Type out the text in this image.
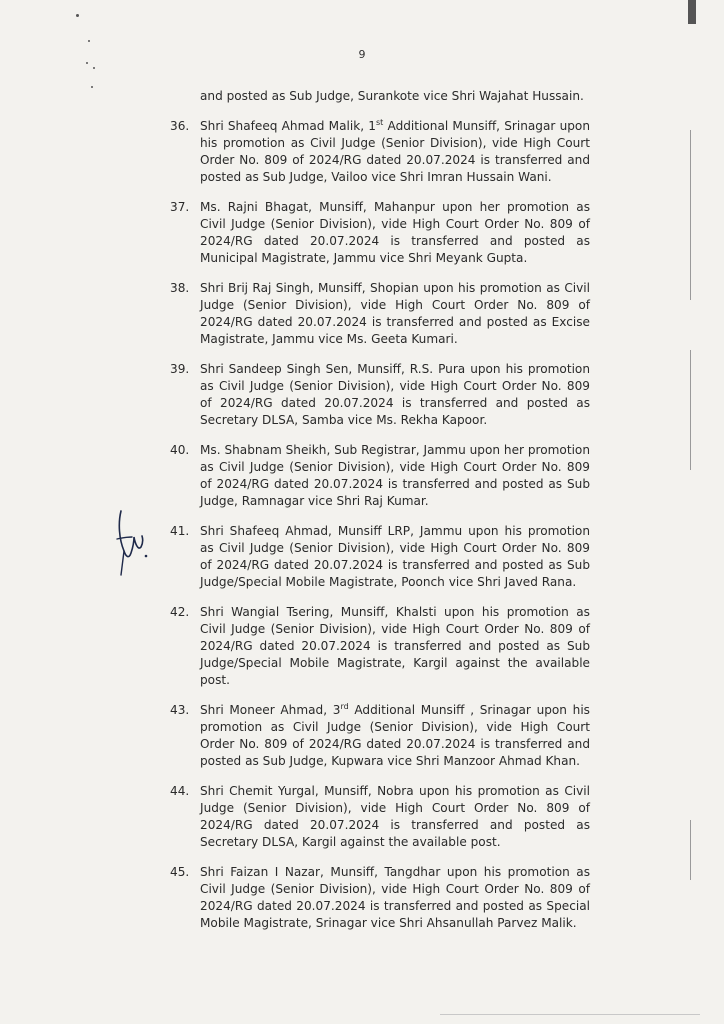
9

and posted as Sub Judge, Surankote vice Shri Wajahat Hussain.

36. Shri Shafeeq Ahmad Malik, 1st Additional Munsiff, Srinagar upon his promotion as Civil Judge (Senior Division), vide High Court Order No. 809 of 2024/RG dated 20.07.2024 is transferred and posted as Sub Judge, Vailoo vice Shri Imran Hussain Wani.
37. Ms. Rajni Bhagat, Munsiff, Mahanpur upon her promotion as Civil Judge (Senior Division), vide High Court Order No. 809 of 2024/RG dated 20.07.2024 is transferred and posted as Municipal Magistrate, Jammu vice Shri Meyank Gupta.
38. Shri Brij Raj Singh, Munsiff, Shopian upon his promotion as Civil Judge (Senior Division), vide High Court Order No. 809 of 2024/RG dated 20.07.2024 is transferred and posted as Excise Magistrate, Jammu vice Ms. Geeta Kumari.
39. Shri Sandeep Singh Sen, Munsiff, R.S. Pura upon his promotion as Civil Judge (Senior Division), vide High Court Order No. 809 of 2024/RG dated 20.07.2024 is transferred and posted as Secretary DLSA, Samba vice Ms. Rekha Kapoor.
40. Ms. Shabnam Sheikh, Sub Registrar, Jammu upon her promotion as Civil Judge (Senior Division), vide High Court Order No. 809 of 2024/RG dated 20.07.2024 is transferred and posted as Sub Judge, Ramnagar vice Shri Raj Kumar.
41. Shri Shafeeq Ahmad, Munsiff LRP, Jammu upon his promotion as Civil Judge (Senior Division), vide High Court Order No. 809 of 2024/RG dated 20.07.2024 is transferred and posted as Sub Judge/Special Mobile Magistrate, Poonch vice Shri Javed Rana.
42. Shri Wangial Tsering, Munsiff, Khalsti upon his promotion as Civil Judge (Senior Division), vide High Court Order No. 809 of 2024/RG dated 20.07.2024 is transferred and posted as Sub Judge/Special Mobile Magistrate, Kargil against the available post.
43. Shri Moneer Ahmad, 3rd Additional Munsiff , Srinagar upon his promotion as Civil Judge (Senior Division), vide High Court Order No. 809 of 2024/RG dated 20.07.2024 is transferred and posted as Sub Judge, Kupwara vice Shri Manzoor Ahmad Khan.
44. Shri Chemit Yurgal, Munsiff, Nobra upon his promotion as Civil Judge (Senior Division), vide High Court Order No. 809 of 2024/RG dated 20.07.2024 is transferred and posted as Secretary DLSA, Kargil against the available post.
45. Shri Faizan I Nazar, Munsiff, Tangdhar upon his promotion as Civil Judge (Senior Division), vide High Court Order No. 809 of 2024/RG dated 20.07.2024 is transferred and posted as Special Mobile Magistrate, Srinagar vice Shri Ahsanullah Parvez Malik.
